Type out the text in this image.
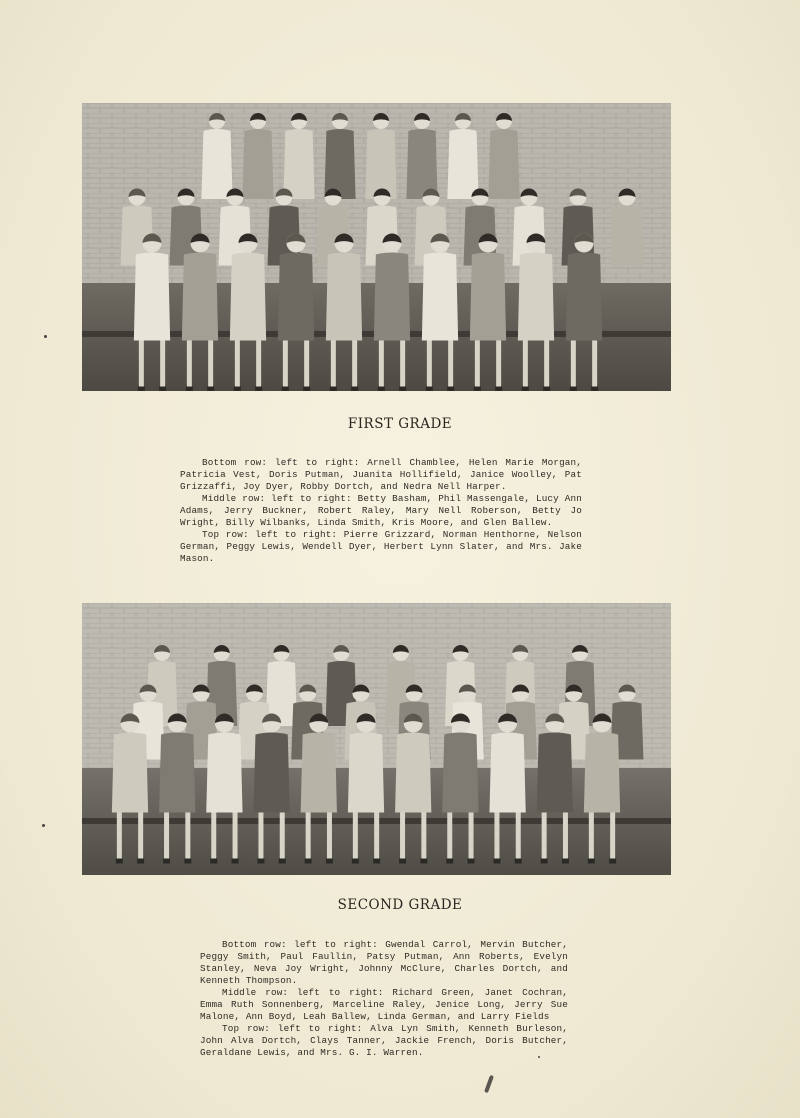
FIRST GRADE

Bottom row: left to right: Arnell Chamblee, Helen Marie Morgan, Patricia Vest, Doris Putman, Juanita Hollifield, Janice Woolley, Pat Grizzaffi, Joy Dyer, Robby Dortch, and Nedra Nell Harper.

Middle row: left to right: Betty Basham, Phil Massengale, Lucy Ann Adams, Jerry Buckner, Robert Raley, Mary Nell Roberson, Betty Jo Wright, Billy Wilbanks, Linda Smith, Kris Moore, and Glen Ballew.

Top row: left to right: Pierre Grizzard, Norman Henthorne, Nelson German, Peggy Lewis, Wendell Dyer, Herbert Lynn Slater, and Mrs. Jake Mason.

SECOND GRADE

Bottom row: left to right: Gwendal Carrol, Mervin Butcher, Peggy Smith, Paul Faullin, Patsy Putman, Ann Roberts, Evelyn Stanley, Neva Joy Wright, Johnny McClure, Charles Dortch, and Kenneth Thompson.

Middle row: left to right: Richard Green, Janet Cochran, Emma Ruth Sonnenberg, Marceline Raley, Jenice Long, Jerry Sue Malone, Ann Boyd, Leah Ballew, Linda German, and Larry Fields

Top row: left to right: Alva Lyn Smith, Kenneth Burleson, John Alva Dortch, Clays Tanner, Jackie French, Doris Butcher, Geraldane Lewis, and Mrs. G. I. Warren.
